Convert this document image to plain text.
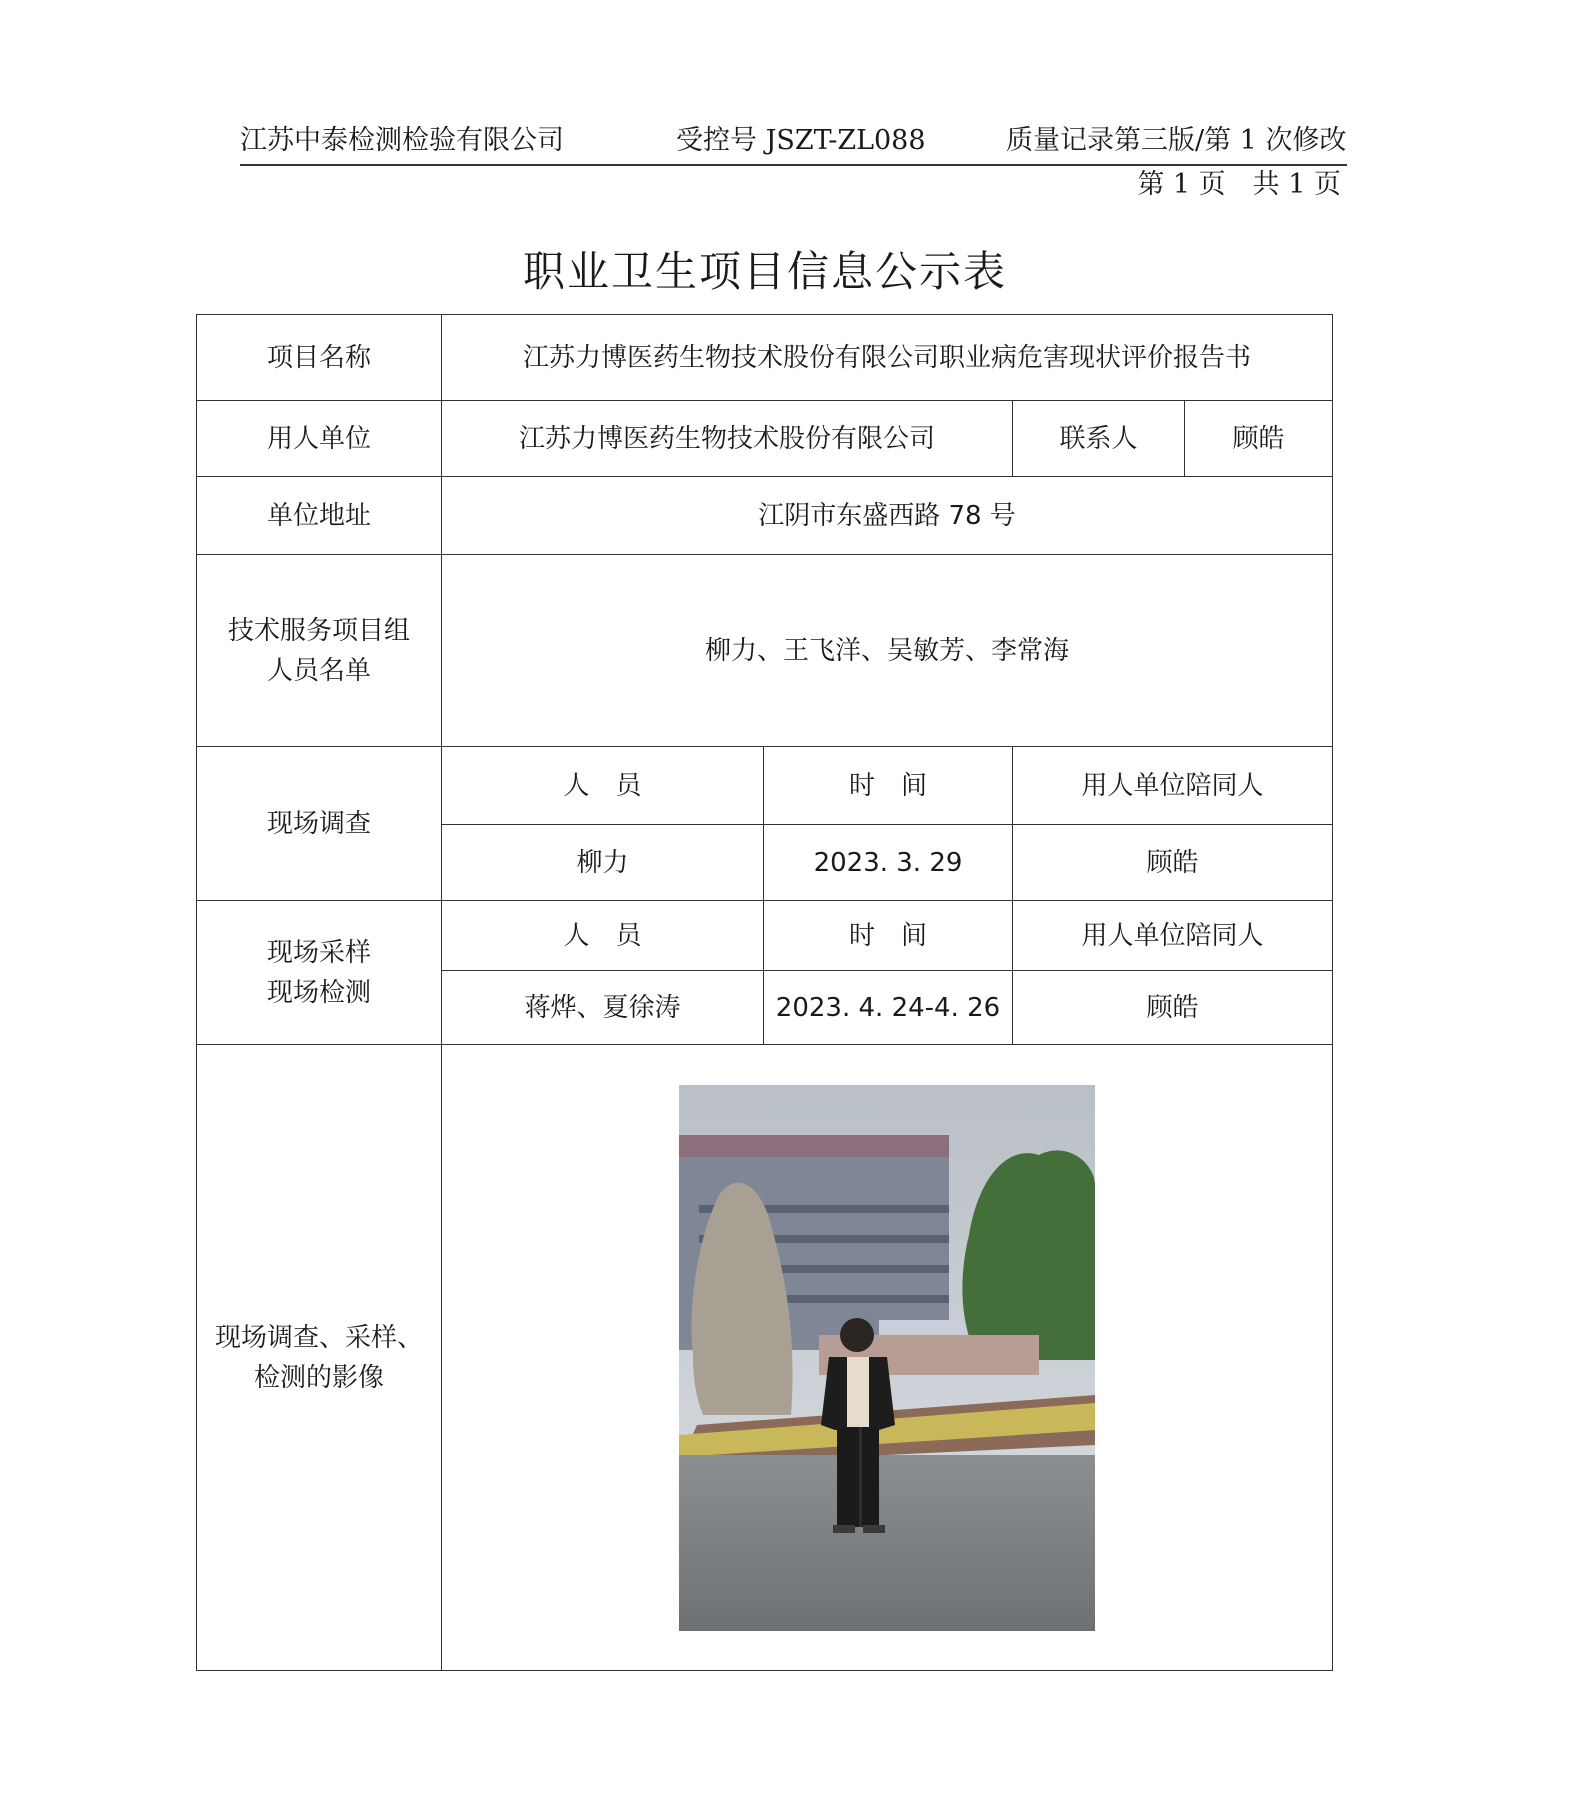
江苏中泰检测检验有限公司	受控号 JSZT-ZL088	质量记录第三版/第 1 次修改
第 1 页　共 1 页
职业卫生项目信息公示表
项目名称	江苏力博医药生物技术股份有限公司职业病危害现状评价报告书			
用人单位	江苏力博医药生物技术股份有限公司		联系人	顾皓
单位地址	江阴市东盛西路 78 号			

技术服务项目组
人员名单	柳力、王飞洋、吴敏芳、李常海			
现场调查	人　员	时　间	用人单位陪同人	
	柳力	2023. 3. 29	顾皓	

现场采样
现场检测	人　员	时　间	用人单位陪同人	
	蒋烨、夏徐涛	2023. 4. 24-4. 26	顾皓	

现场调查、采样、
检测的影像
